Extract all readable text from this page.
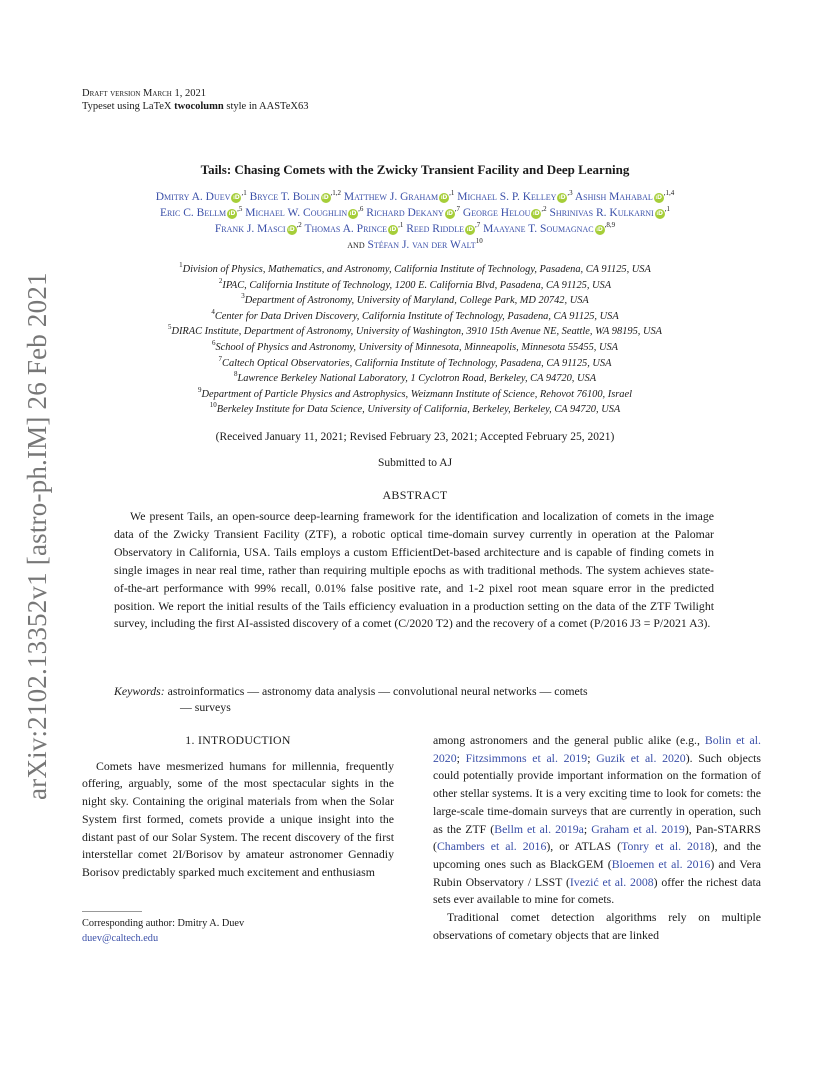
arXiv:2102.13352v1 [astro-ph.IM] 26 Feb 2021
Draft version March 1, 2021
Typeset using LaTeX twocolumn style in AASTeX63
Tails: Chasing Comets with the Zwicky Transient Facility and Deep Learning
Dmitry A. Duev $iD^{,1}$ Bryce T. Bolin $iD^{,1,2}$ Matthew J. Graham $iD^{,1}$ Michael S. P. Kelley $iD^{,3}$ Ashish Mahabal $iD^{,1,4}$
Eric C. Bellm $iD^{,5}$ Michael W. Coughlin $iD^{,6}$ Richard Dekany $iD^{,7}$ George Helou $iD^{,2}$ Shrinivas R. Kulkarni $iD^{,1}$
Frank J. Masci $iD^{,2}$ Thomas A. Prince $iD^{,1}$ Reed Riddle $iD^{,7}$ Maayane T. Soumagnac $iD^{,8,9}$
and Stéfan J. van der Walt$^{10}$
$^1$Division of Physics, Mathematics, and Astronomy, California Institute of Technology, Pasadena, CA 91125, USA
$^2$IPAC, California Institute of Technology, 1200 E. California Blvd, Pasadena, CA 91125, USA
$^3$Department of Astronomy, University of Maryland, College Park, MD 20742, USA
$^4$Center for Data Driven Discovery, California Institute of Technology, Pasadena, CA 91125, USA
$^5$DIRAC Institute, Department of Astronomy, University of Washington, 3910 15th Avenue NE, Seattle, WA 98195, USA
$^6$School of Physics and Astronomy, University of Minnesota, Minneapolis, Minnesota 55455, USA
$^7$Caltech Optical Observatories, California Institute of Technology, Pasadena, CA 91125, USA
$^8$Lawrence Berkeley National Laboratory, 1 Cyclotron Road, Berkeley, CA 94720, USA
$^9$Department of Particle Physics and Astrophysics, Weizmann Institute of Science, Rehovot 76100, Israel
$^{10}$Berkeley Institute for Data Science, University of California, Berkeley, Berkeley, CA 94720, USA
(Received January 11, 2021; Revised February 23, 2021; Accepted February 25, 2021)
Submitted to AJ
ABSTRACT
We present Tails, an open-source deep-learning framework for the identification and localization of comets in the image data of the Zwicky Transient Facility (ZTF), a robotic optical time-domain survey currently in operation at the Palomar Observatory in California, USA. Tails employs a custom EfficientDet-based architecture and is capable of finding comets in single images in near real time, rather than requiring multiple epochs as with traditional methods. The system achieves state-of-the-art performance with 99% recall, 0.01% false positive rate, and 1-2 pixel root mean square error in the predicted position. We report the initial results of the Tails efficiency evaluation in a production setting on the data of the ZTF Twilight survey, including the first AI-assisted discovery of a comet (C/2020 T2) and the recovery of a comet (P/2016 J3 = P/2021 A3).
Keywords: astroinformatics — astronomy data analysis — convolutional neural networks — comets
— surveys
1. INTRODUCTION

Comets have mesmerized humans for millennia, frequently offering, arguably, some of the most spectacular sights in the night sky. Containing the original materials from when the Solar System first formed, comets provide a unique insight into the distant past of our Solar System. The recent discovery of the first interstellar comet 2I/Borisov by amateur astronomer Gennadiy Borisov predictably sparked much excitement and enthusiasm

among astronomers and the general public alike (e.g., Bolin et al. 2020; Fitzsimmons et al. 2019; Guzik et al. 2020). Such objects could potentially provide important information on the formation of other stellar systems. It is a very exciting time to look for comets: the large-scale time-domain surveys that are currently in operation, such as the ZTF (Bellm et al. 2019a; Graham et al. 2019), Pan-STARRS (Chambers et al. 2016), or ATLAS (Tonry et al. 2018), and the upcoming ones such as BlackGEM (Bloemen et al. 2016) and Vera Rubin Observatory / LSST (Ivezić et al. 2008) offer the richest data sets ever available to mine for comets.

Traditional comet detection algorithms rely on multiple observations of cometary objects that are linked

Corresponding author: Dmitry A. Duev
duev@caltech.edu
